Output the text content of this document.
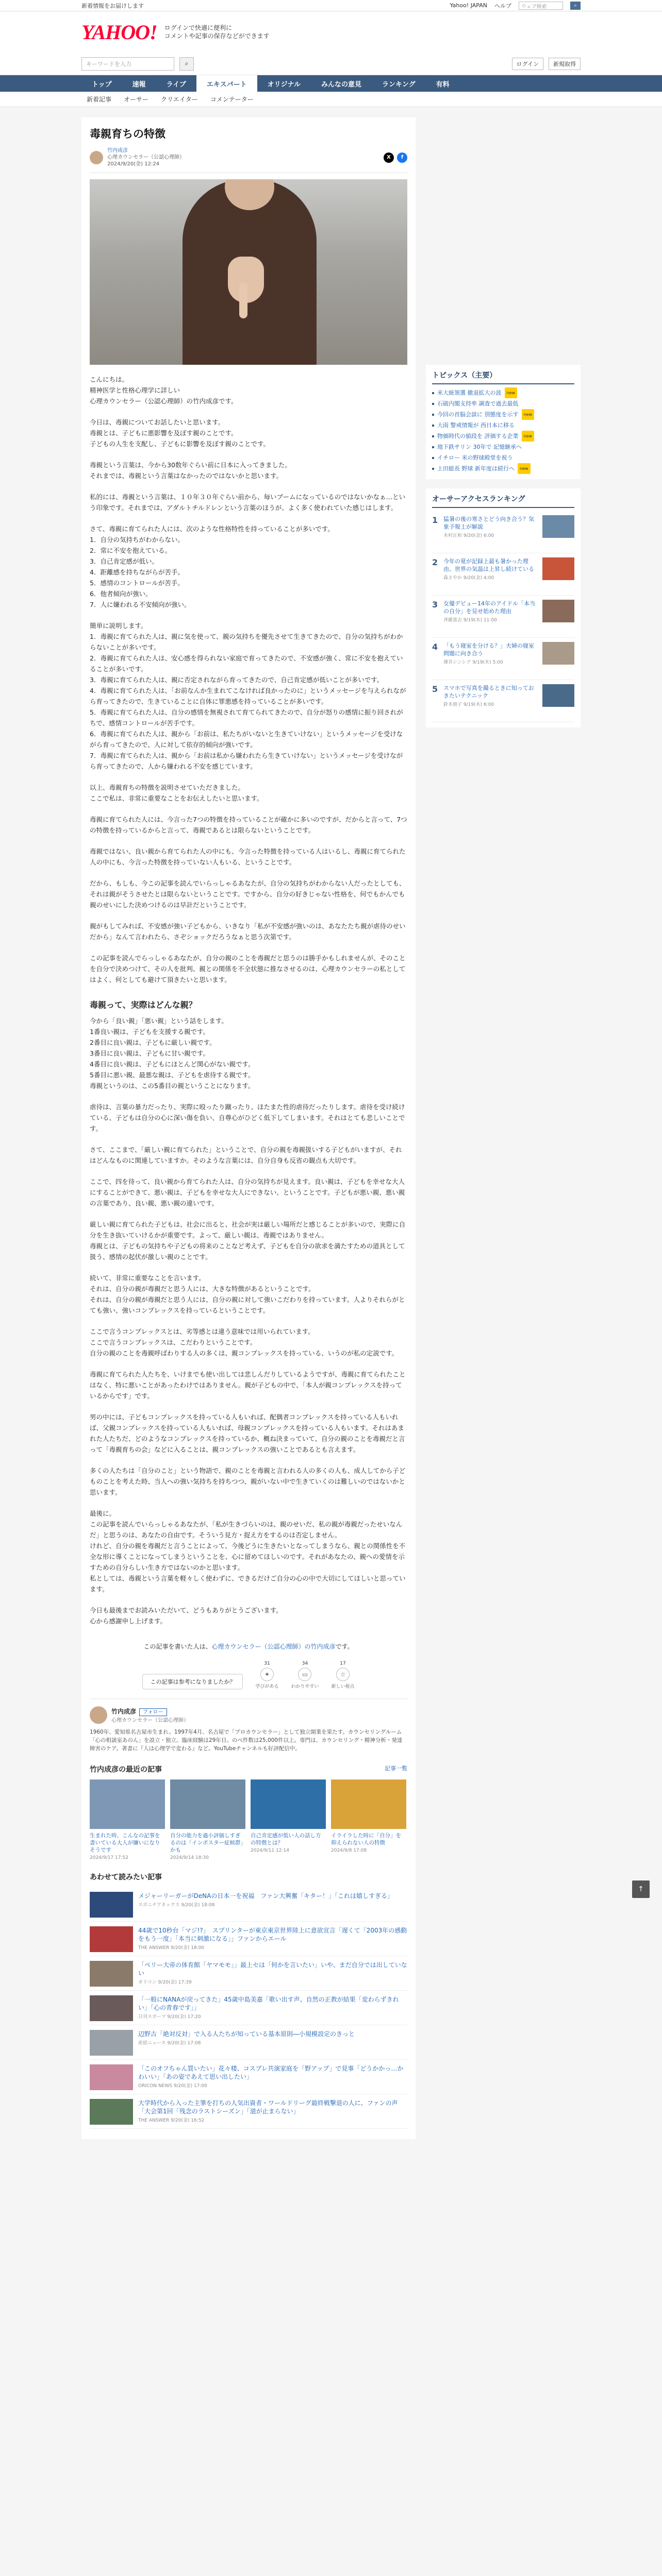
新着情報をお届けします	Yahoo! JAPAN ヘルプ	ウェブ検索	⌕
YAHOO! ログインで快適に便利に
コメントや記事の保存などができます
キーワードを入力	⌕	ログイン	新規取得
トップ	速報	ライブ	エキスパート	オリジナル	みんなの意見	ランキング	有料
新着記事 オーサー クリエイター コメンテーター
毒親育ちの特徴
竹内成彦
心理カウンセラー（公認心理師）
2024/9/20(金) 12:24
X	f

こんにちは。
精神医学と性格心理学に詳しい
心理カウンセラー（公認心理師）の竹内成彦です。

今日は、毒親についてお話したいと思います。
毒親とは、子どもに悪影響を及ぼす親のことです。
子どもの人生を支配し、子どもに影響を及ぼす親のことです。

毒親という言葉は、今から30数年ぐらい前に日本に入ってきました。
それまでは、毒親という言葉はなかったのではないかと思います。

私的には、毒親という言葉は、１０年３０年ぐらい前から、毎いブームになっているのではないかなぁ…という印象です。それまでは、アダルトチルドレンという言葉のほうが、よく多く使われていた感じはします。

さて、毒親に育てられた人には、次のような性格特性を持っていることが多いです。
1．自分の気持ちがわからない。
2．常に不安を抱えている。
3．自己肯定感が低い。
4．距離感を持ちながらが苦手。
5．感情のコントロールが苦手。
6．他者傾向が強い。
7．人に嫌われる不安傾向が強い。

簡単に説明します。
1．毒親に育てられた人は、親に気を使って、親の気持ちを優先させて生きてきたので、自分の気持ちがわからないことが多いです。
2．毒親に育てられた人は、安心感を得られない家庭で育ってきたので、不安感が強く、常に不安を抱えていることが多いです。
3．毒親に育てられた人は、親に否定されながら育ってきたので、自己肯定感が低いことが多いです。
4．毒親に育てられた人は、「お前なんか生まれてこなければ良かったのに」というメッセージを与えられながら育ってきたので、生きていることに自体に罪悪感を持っていることが多いです。
5．毒親に育てられた人は、自分の感情を無視されて育てられてきたので、自分が怒りの感情に振り回されがちで、感情コントロールが苦手です。
6．毒親に育てられた人は、親から「お前は、私たちがいないと生きていけない」というメッセージを受けながら育ってきたので、人に対して依存的傾向が強いです。
7．毒親に育てられた人は、親から「お前は私から嫌われたら生きていけない」というメッセージを受けながら育ってきたので、人から嫌われる不安を感じています。

以上、毒親育ちの特徴を説明させていただきました。
ここで私は、非常に重要なことをお伝えしたいと思います。

毒親に育てられた人には、今言った7つの特徴を持っていることが確かに多いのですが、だからと言って、7つの特徴を持っているからと言って、毒親であるとは限らないということです。

毒親ではない、良い親から育てられた人の中にも、今言った特徴を持っている人はいるし、毒親に育てられた人の中にも、今言った特徴を持っていない人もいる、ということです。

だから、もしも、今この記事を読んでいらっしゃるあなたが、自分の気持ちがわからない人だったとしても、それは親がそうさせたとは限らないということです。ですから、自分の好きじゃない性格を、何でもかんでも親のせいにした決めつけるのは早計だということです。

親がもしてみれば、不安感が強い子どもから、いきなり「私が不安感が強いのは、あなたたち親が虐待のせいだから」なんて言われたら、さぞショックだろうなぁと思う次第です。

この記事を読んでらっしゃるあなたが、自分の親のことを毒親だと思うのは勝手かもしれませんが、そのことを自分で決めつけて、その人を批判、親との関係を不全状態に推なさせるのは、心理カウンセラーの私としてはよく、何としても避けて頂きたいと思います。

毒親って、実際はどんな親？

今から「良い親」「悪い親」という話をします。
1番良い親は、子どもを支援する親です。
2番目に良い親は、子どもに厳しい親です。
3番目に良い親は、子どもに甘い親です。
4番目に良い親は、子どもにほとんど関心がない親です。
5番目に悪い親、最悪な親は、子どもを虐待する親です。
毒親というのは、この5番目の親ということになります。

虐待は、言葉の暴力だったり、実際に殴ったり蹴ったり、ほたまた性的虐待だったりします。虐待を受け続けている、子どもは自分の心に深い傷を負い、自尊心がひどく低下してしまいます。それはとても悲しいことです。

さて、ここまで、「厳しい親に育てられた」ということで、自分の親を毒親扱いする子どもがいますが、それはどんなものに関連していますか。そのような言葉には、自分自身も反省の観点も大切です。

ここで、四を待って、良い親から育てられた人は、自分の気持ちが見えます。良い親は、子どもを幸せな大人にすることができて、悪い親は、子どもを幸せな大人にできない、ということです。子どもが悪い親、悪い親の言葉であり、良い親、悪い親の違いです。

厳しい親に育てられた子どもは、社会に出ると、社会が実は厳しい場所だと感じることが多いので、実際に自分を生き抜いていけるかが重要です。よって、厳しい親は、毒親ではありません。
毒親とは、子どもの気持ちや子どもの将来のことなど考えず、子どもを自分の欲求を満たすための道具として扱う、感情の起伏が激しい親のことです。

続いて、非常に重要なことを言います。
それは、自分の親が毒親だと思う人には、大きな特徴があるということです。
それは、自分の親が毒親だと思う人には、自分の親に対して強いこだわりを持っています。人よりそれらがとても強い、強いコンプレックスを持っているということです。

ここで言うコンプレックスとは、劣等感とは違う意味では用いられています。
ここで言うコンプレックスは、こだわりということです。
自分の親のことを毒親呼ばわりする人の多くは、親コンプレックスを持っている、いうのが私の定説です。

毒親に育てられた人たちを、いけまでも使い出しては悲しんだりしているようですが、毒親に育てられたことはなく、特に悪いことがあったわけではありません。親が子どもの中で、「本人が親コンプレックスを持っているからです」です。

男の中には、子どもコンプレックスを持っている人もいれば、配偶者コンプレックスを持っている人もいれば、父親コンプレックスを持っている人もいれば、母親コンプレックスを持っている人もいます。それはあまれた人たちだ、どのようなコンプレックスを持っているか、概ね決まっていて、自分の親のことを毒親だと言って「毒親育ちの会」などに入ることは、親コンプレックスの強いことであるとも言えます。

多くの人たちは「自分のこと」という物語で、親のことを毒親と言われる人の多くの人も、成人してから子どものことを考えた時、当人への強い気持ちを持ちつつ、親がいない中で生きていくのは難しいのではないかと思います。

最後に。
この記事を読んでいらっしゃるあなたが、「私が生きづらいのは、親のせいだ、私の親が毒親だったせいなんだ」と思うのは、あなたの自由です。そういう見方・捉え方をするのは否定しません。
けれど、自分の親を毒親だと言うことによって、今後どうに生きたいとなってしまうなら、親との関係性を不全な形に導くことになってしまうということを、心に留めてほしいのです。それがあなたの、親への愛情を示すための自分らしい生き方ではないのかと思います。
私としては、毒親という言葉を軽々しく使わずに、できるだけご自分の心の中で大切にしてほしいと思っています。

今日も最後までお読みいただいて、どうもありがとうございます。
心から感謝申し上げます。

この記事を書いた人は、心理カウンセラー（公認心理師）の竹内成彦です。
この記事は参考になりましたか？
31
✦
学びがある
34
▭
わかりやすい
17
☆
新しい視点
竹内成彦 フォロー
心理カウンセラー（公認心理師）
1960年、愛知県名古屋市生まれ。1997年4月、名古屋で「プロカウンセラー」として独立開業を果たす。カウンセリングルーム「心の相談室あのん」を設立・独立。臨床経験は29年目。のべ件数は25,000件以上。専門は、カウンセリング・精神分析・発達障害のケア。著書に『人は心理学で変わる』など。YouTubeチャンネルも好評配信中。
竹内成彦の最近の記事	記事一覧
生まれた時、こんなの記事を書いている大人が嫌いになりそうです
2024/9/17 17:52
自分の能力を過小評価しすぎるのは「インポスター症候群」かも
2024/9/14 18:30
自己肯定感が低い人の話し方の特徴とは？
2024/9/11 12:14
イライラした時に「自分」を抑えられない人の特徴
2024/9/8 17:08
あわせて読みたい記事
メジャーリーガーがDeNAの日本一を祝福　ファン大興奮「キター！」「これは嬉しすぎる」
スポニチアネックス 9/20(金) 18:08
44歳で10秒台「マジ!?」　スプリンターが東京東京世界陸上に意欲宣言「遅くて「2003年の感動をもう一度」「本当に刺激になる」」ファンからエール
THE ANSWER 9/20(金) 18:00
「ペリー大帝の体育館「ヤマモモ」」最上セは「何かを言いたい」いや、まだ自分では出していない
オリコン 9/20(金) 17:39
「一般にNANAが戻ってきた」45歳中島美嘉「歌い出す声、自然の正教が結果「変わらずきれい」「心の青春です」」
日刊スポーツ 9/20(金) 17:20
辺野古「絶対反対」で入る人たちが知っている基本原則―小規模設定のきっと
産経ニュース 9/20(金) 17:08
「このオフちゃん買いたい」花々楼、コスプレ共演家庭を「野アップ」で見事「どうかかっ…かわいい」「あの姿であえて思い出したい」
ORICON NEWS 9/20(金) 17:00
大学時代から入った主筆を打ちの人気出資者・ワールドリーグ最終戦撃退の人に、ファンの声「大会第1回「残念のラストシーズン」「道が止まらない」
THE ANSWER 9/20(金) 16:52
トピックス（主要）
米大統領選 撤退拡大の波	new
石破内閣支持率 調査で過去最低
今回の首脳会談に 別態度を示す	new
大雨 警戒情報が 西日本に移る
物価時代の値段を 評価する企業	new
地下鉄サリン 30年で 記憶継承へ
イチロー 米の野球殿堂を祝う
上田総長 野球 新年度は続行へ	new
オーサーアクセスランキング
1 猛暑の後の寒さとどう向き合う？気象予報士が解説
木村正和 9/20(金) 6:00
2 今年の夏が記録上最も暑かった理由。世界の気温は上昇し続けている
森さやか 9/20(金) 4:00
3 女優デビュー14年のアイドル「本当の自分」を見せ始めた理由
斉藤貴志 9/19(木) 11:00
4 「もう寝室を分ける？」夫婦の寝室問題に向き合う
薄井シンシア 9/19(木) 5:00
5 スマホで写真を撮るときに知っておきたいテクニック
鈴木朋子 9/19(木) 6:00
↑
